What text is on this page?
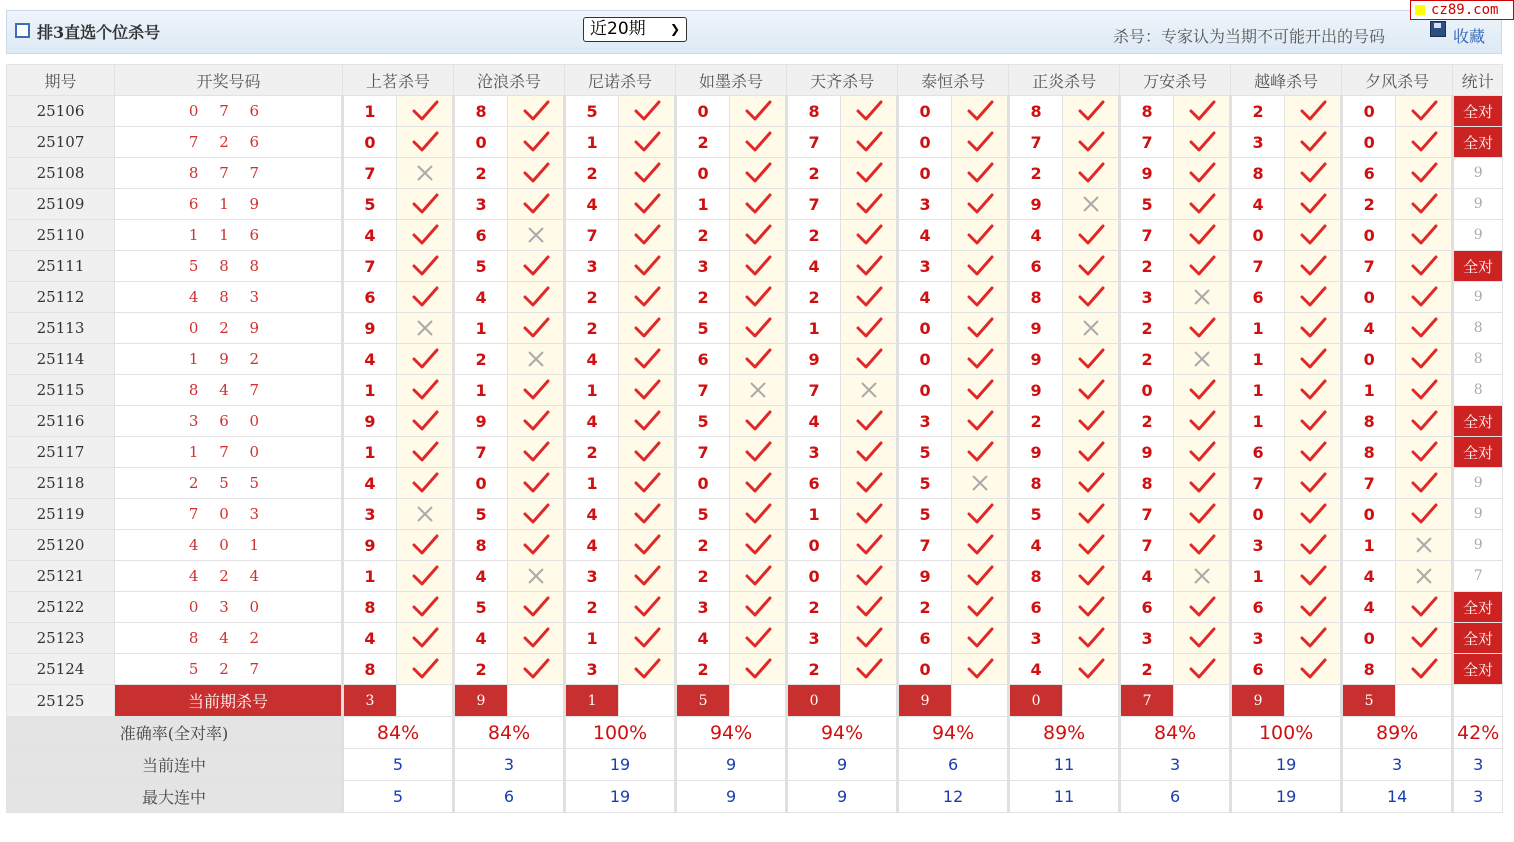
排3直选个位杀号	近20期 ❯	杀号：专家认为当期不可能开出的号码	收藏
cz89.com
期号	开奖号码	上茗杀号		沧浪杀号		尼诺杀号		如墨杀号		天齐杀号		泰恒杀号		正炎杀号		万安杀号		越峰杀号		夕风杀号		统计
25106	0 7 6	1		8		5		0		8		0		8		8		2		0		全对
25107	7 2 6	0		0		1		2		7		0		7		7		3		0		全对
25108	8 7 7	7		2		2		0		2		0		2		9		8		6		9
25109	6 1 9	5		3		4		1		7		3		9		5		4		2		9
25110	1 1 6	4		6		7		2		2		4		4		7		0		0		9
25111	5 8 8	7		5		3		3		4		3		6		2		7		7		全对
25112	4 8 3	6		4		2		2		2		4		8		3		6		0		9
25113	0 2 9	9		1		2		5		1		0		9		2		1		4		8
25114	1 9 2	4		2		4		6		9		0		9		2		1		0		8
25115	8 4 7	1		1		1		7		7		0		9		0		1		1		8
25116	3 6 0	9		9		4		5		4		3		2		2		1		8		全对
25117	1 7 0	1		7		2		7		3		5		9		9		6		8		全对
25118	2 5 5	4		0		1		0		6		5		8		8		7		7		9
25119	7 0 3	3		5		4		5		1		5		5		7		0		0		9
25120	4 0 1	9		8		4		2		0		7		4		7		3		1		9
25121	4 2 4	1		4		3		2		0		9		8		4		1		4		7
25122	0 3 0	8		5		2		3		2		2		6		6		6		4		全对
25123	8 4 2	4		4		1		4		3		6		3		3		3		0		全对
25124	5 2 7	8		2		3		2		2		0		4		2		6		8		全对
25125	当前期杀号	3		9		1		5		0		9		0		7		9		5		
准确率(全对率)		84%		84%		100%		94%		94%		94%		89%		84%		100%		89%		42%
当前连中		5		3		19		9		9		6		11		3		19		3		3
最大连中		5		6		19		9		9		12		11		6		19		14		3
